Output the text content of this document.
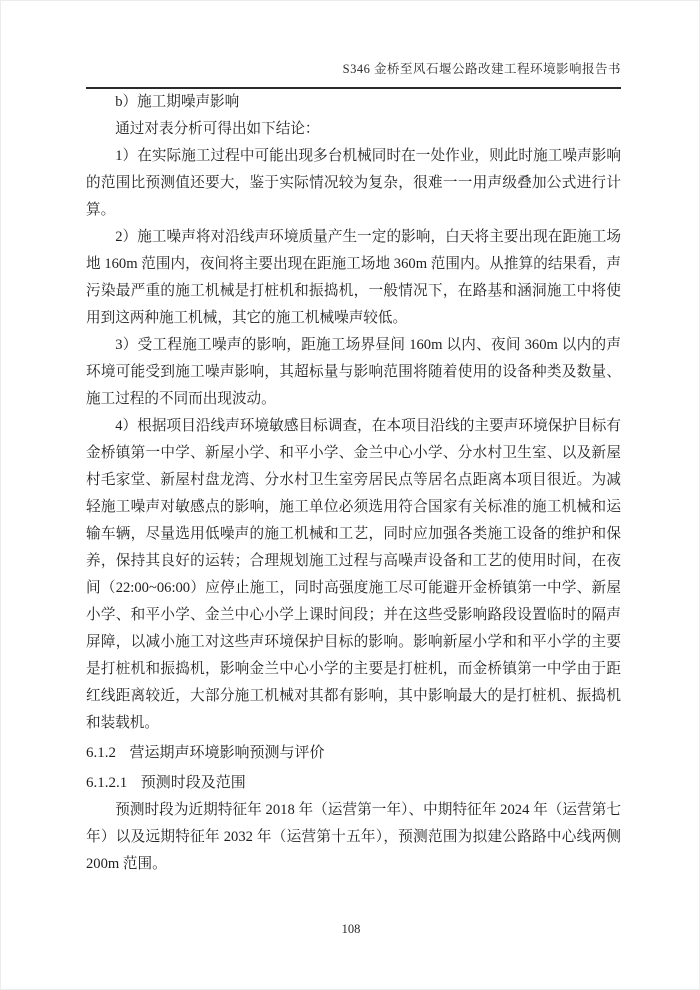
S346 金桥至风石堰公路改建工程环境影响报告书

b）施工期噪声影响

通过对表分析可得出如下结论：

1）在实际施工过程中可能出现多台机械同时在一处作业，则此时施工噪声影响的范围比预测值还要大，鉴于实际情况较为复杂，很难一一用声级叠加公式进行计算。

2）施工噪声将对沿线声环境质量产生一定的影响，白天将主要出现在距施工场地 160m 范围内，夜间将主要出现在距施工场地 360m 范围内。从推算的结果看，声污染最严重的施工机械是打桩机和振捣机，一般情况下，在路基和涵洞施工中将使用到这两种施工机械，其它的施工机械噪声较低。

3）受工程施工噪声的影响，距施工场界昼间 160m 以内、夜间 360m 以内的声环境可能受到施工噪声影响，其超标量与影响范围将随着使用的设备种类及数量、施工过程的不同而出现波动。

4）根据项目沿线声环境敏感目标调查，在本项目沿线的主要声环境保护目标有金桥镇第一中学、新屋小学、和平小学、金兰中心小学、分水村卫生室、以及新屋村毛家堂、新屋村盘龙湾、分水村卫生室旁居民点等居名点距离本项目很近。为减轻施工噪声对敏感点的影响，施工单位必须选用符合国家有关标准的施工机械和运输车辆，尽量选用低噪声的施工机械和工艺，同时应加强各类施工设备的维护和保养，保持其良好的运转；合理规划施工过程与高噪声设备和工艺的使用时间，在夜间（22:00~06:00）应停止施工，同时高强度施工尽可能避开金桥镇第一中学、新屋小学、和平小学、金兰中心小学上课时间段；并在这些受影响路段设置临时的隔声屏障，以减小施工对这些声环境保护目标的影响。影响新屋小学和和平小学的主要是打桩机和振捣机，影响金兰中心小学的主要是打桩机，而金桥镇第一中学由于距红线距离较近，大部分施工机械对其都有影响，其中影响最大的是打桩机、振捣机和装载机。

6.1.2 营运期声环境影响预测与评价
6.1.2.1 预测时段及范围

预测时段为近期特征年 2018 年（运营第一年）、中期特征年 2024 年（运营第七年）以及远期特征年 2032 年（运营第十五年），预测范围为拟建公路路中心线两侧 200m 范围。

108
